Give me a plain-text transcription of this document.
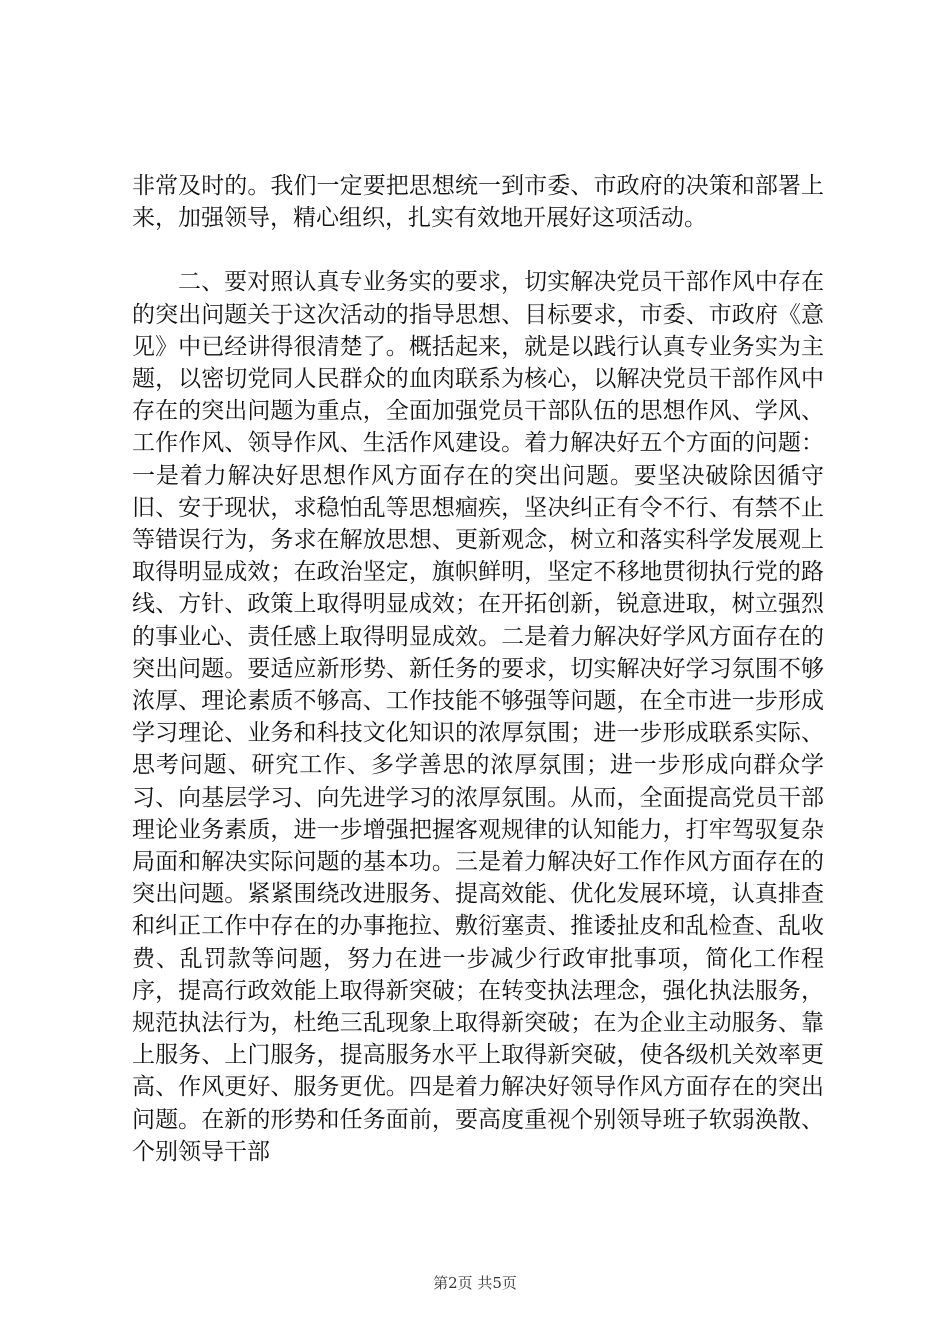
非常及时的。我们一定要把思想统一到市委、市政府的决策和部署上来，加强领导，精心组织，扎实有效地开展好这项活动。

二、要对照认真专业务实的要求，切实解决党员干部作风中存在的突出问题关于这次活动的指导思想、目标要求，市委、市政府《意见》中已经讲得很清楚了。概括起来，就是以践行认真专业务实为主题，以密切党同人民群众的血肉联系为核心，以解决党员干部作风中存在的突出问题为重点，全面加强党员干部队伍的思想作风、学风、工作作风、领导作风、生活作风建设。着力解决好五个方面的问题：一是着力解决好思想作风方面存在的突出问题。要坚决破除因循守旧、安于现状，求稳怕乱等思想痼疾，坚决纠正有令不行、有禁不止等错误行为，务求在解放思想、更新观念，树立和落实科学发展观上取得明显成效；在政治坚定，旗帜鲜明，坚定不移地贯彻执行党的路线、方针、政策上取得明显成效；在开拓创新，锐意进取，树立强烈的事业心、责任感上取得明显成效。二是着力解决好学风方面存在的突出问题。要适应新形势、新任务的要求，切实解决好学习氛围不够浓厚、理论素质不够高、工作技能不够强等问题，在全市进一步形成学习理论、业务和科技文化知识的浓厚氛围；进一步形成联系实际、思考问题、研究工作、多学善思的浓厚氛围；进一步形成向群众学习、向基层学习、向先进学习的浓厚氛围。从而，全面提高党员干部理论业务素质，进一步增强把握客观规律的认知能力，打牢驾驭复杂局面和解决实际问题的基本功。三是着力解决好工作作风方面存在的突出问题。紧紧围绕改进服务、提高效能、优化发展环境，认真排查和纠正工作中存在的办事拖拉、敷衍塞责、推诿扯皮和乱检查、乱收费、乱罚款等问题，努力在进一步减少行政审批事项，简化工作程序，提高行政效能上取得新突破；在转变执法理念，强化执法服务，规范执法行为，杜绝三乱现象上取得新突破；在为企业主动服务、靠上服务、上门服务，提高服务水平上取得新突破，使各级机关效率更高、作风更好、服务更优。四是着力解决好领导作风方面存在的突出问题。在新的形势和任务面前，要高度重视个别领导班子软弱涣散、个别领导干部

第2页 共5页
